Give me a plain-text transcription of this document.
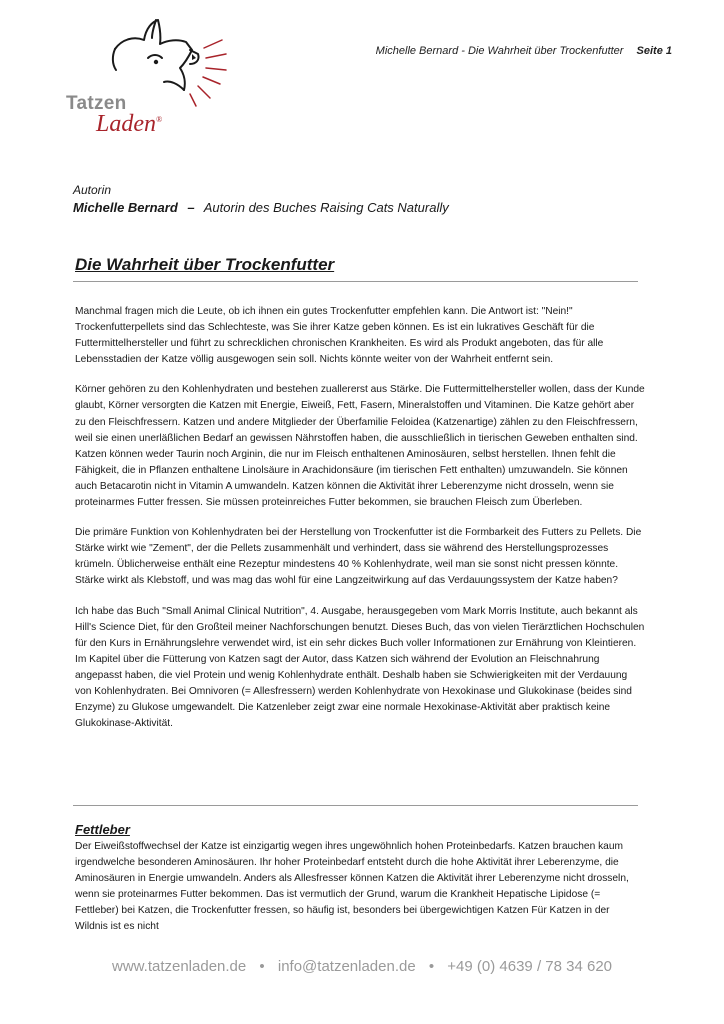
Michelle Bernard - Die Wahrheit über Trockenfutter Seite 1
Tatzen
Laden®
Autorin
Michelle Bernard – Autorin des Buches Raising Cats Naturally
Die Wahrheit über Trockenfutter

Manchmal fragen mich die Leute, ob ich ihnen ein gutes Trockenfutter empfehlen kann. Die Antwort ist: "Nein!" Trockenfutterpellets sind das Schlechteste, was Sie ihrer Katze geben können. Es ist ein lukratives Geschäft für die Futtermittelhersteller und führt zu schrecklichen chronischen Krankheiten. Es wird als Produkt angeboten, das für alle Lebensstadien der Katze völlig ausgewogen sein soll. Nichts könnte weiter von der Wahrheit entfernt sein.

Körner gehören zu den Kohlenhydraten und bestehen zuallererst aus Stärke. Die Futtermittelhersteller wollen, dass der Kunde glaubt, Körner versorgten die Katzen mit Energie, Eiweiß, Fett, Fasern, Mineralstoffen und Vitaminen. Die Katze gehört aber zu den Fleischfressern. Katzen und andere Mitglieder der Überfamilie Feloidea (Katzenartige) zählen zu den Fleischfressern, weil sie einen unerläßlichen Bedarf an gewissen Nährstoffen haben, die ausschließlich in tierischen Geweben enthalten sind. Katzen können weder Taurin noch Arginin, die nur im Fleisch enthaltenen Aminosäuren, selbst herstellen. Ihnen fehlt die Fähigkeit, die in Pflanzen enthaltene Linolsäure in Arachidonsäure (im tierischen Fett enthalten) umzuwandeln. Sie können auch Betacarotin nicht in Vitamin A umwandeln. Katzen können die Aktivität ihrer Leberenzyme nicht drosseln, wenn sie proteinarmes Futter fressen. Sie müssen proteinreiches Futter bekommen, sie brauchen Fleisch zum Überleben.

Die primäre Funktion von Kohlenhydraten bei der Herstellung von Trockenfutter ist die Formbarkeit des Futters zu Pellets. Die Stärke wirkt wie "Zement", der die Pellets zusammenhält und verhindert, dass sie während des Herstellungsprozesses krümeln. Üblicherweise enthält eine Rezeptur mindestens 40 % Kohlenhydrate, weil man sie sonst nicht pressen könnte. Stärke wirkt als Klebstoff, und was mag das wohl für eine Langzeitwirkung auf das Verdauungssystem der Katze haben?

Ich habe das Buch "Small Animal Clinical Nutrition", 4. Ausgabe, herausgegeben vom Mark Morris Institute, auch bekannt als Hill's Science Diet, für den Großteil meiner Nachforschungen benutzt. Dieses Buch, das von vielen Tierärztlichen Hochschulen für den Kurs in Ernährungslehre verwendet wird, ist ein sehr dickes Buch voller Informationen zur Ernährung von Kleintieren. Im Kapitel über die Fütterung von Katzen sagt der Autor, dass Katzen sich während der Evolution an Fleischnahrung angepasst haben, die viel Protein und wenig Kohlenhydrate enthält. Deshalb haben sie Schwierigkeiten mit der Verdauung von Kohlenhydraten. Bei Omnivoren (= Allesfressern) werden Kohlenhydrate von Hexokinase und Glukokinase (beides sind Enzyme) zu Glukose umgewandelt. Die Katzenleber zeigt zwar eine normale Hexokinase-Aktivität aber praktisch keine Glukokinase-Aktivität.

Fettleber

Der Eiweißstoffwechsel der Katze ist einzigartig wegen ihres ungewöhnlich hohen Proteinbedarfs. Katzen brauchen kaum irgendwelche besonderen Aminosäuren. Ihr hoher Proteinbedarf entsteht durch die hohe Aktivität ihrer Leberenzyme, die Aminosäuren in Energie umwandeln. Anders als Allesfresser können Katzen die Aktivität ihrer Leberenzyme nicht drosseln, wenn sie proteinarmes Futter bekommen. Das ist vermutlich der Grund, warum die Krankheit Hepatische Lipidose (= Fettleber) bei Katzen, die Trockenfutter fressen, so häufig ist, besonders bei übergewichtigen Katzen Für Katzen in der Wildnis ist es nicht

www.tatzenladen.de • info@tatzenladen.de • +49 (0) 4639 / 78 34 620
